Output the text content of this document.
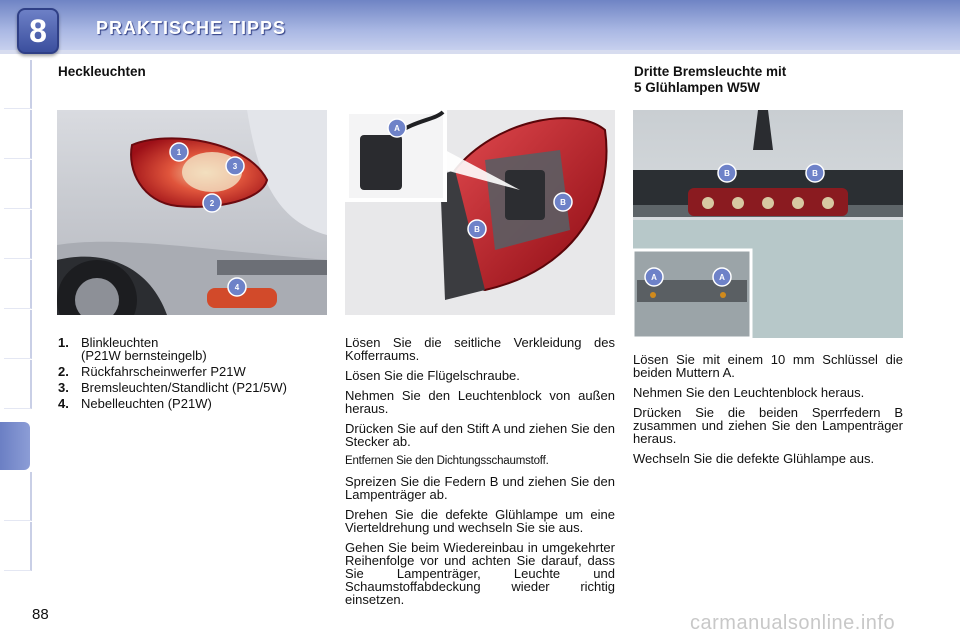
8	PRAKTISCHE TIPPS
88
Heckleuchten
1
3
2
4
1. Blinkleuchten
(P21W bernsteingelb)
2. Rückfahrscheinwerfer P21W
3. Bremsleuchten/Standlicht (P21/5W)
4. Nebelleuchten (P21W)
A
B
B

Lösen Sie die seitliche Verkleidung des Kofferraums.

Lösen Sie die Flügelschraube.

Nehmen Sie den Leuchtenblock von außen heraus.

Drücken Sie auf den Stift A und ziehen Sie den Stecker ab.

Entfernen Sie den Dichtungsschaumstoff.

Spreizen Sie die Federn B und ziehen Sie den Lampenträger ab.

Drehen Sie die defekte Glühlampe um eine Vierteldrehung und wechseln Sie sie aus.

Gehen Sie beim Wiedereinbau in umgekehrter Reihenfolge vor und achten Sie darauf, dass Sie Lampenträger, Leuchte und Schaumstoffabdeckung wieder richtig einsetzen.

Dritte Bremsleuchte mit
5 Glühlampen W5W
B	B
A	A

Lösen Sie mit einem 10 mm Schlüssel die beiden Muttern A.

Nehmen Sie den Leuchtenblock heraus.

Drücken Sie die beiden Sperrfedern B zusammen und ziehen Sie den Lampenträger heraus.

Wechseln Sie die defekte Glühlampe aus.

carmanualsonline.info
